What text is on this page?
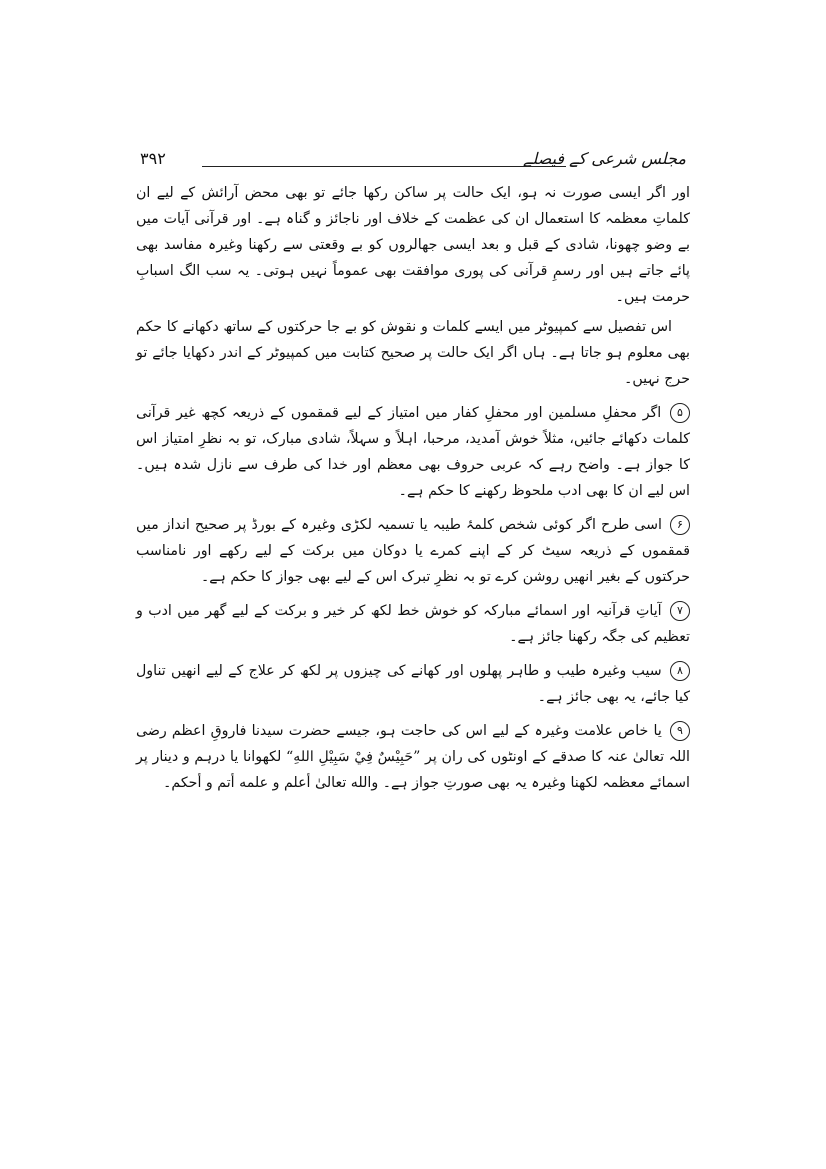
مجلس شرعی کے فیصلے
۳۹۲

اور اگر ایسی صورت نہ ہو، ایک حالت پر ساکن رکھا جائے تو بھی محض آرائش کے لیے ان کلماتِ معظمہ کا استعمال ان کی عظمت کے خلاف اور ناجائز و گناہ ہے۔ اور قرآنی آیات میں بے وضو چھونا، شادی کے قبل و بعد ایسی جھالروں کو بے وقعتی سے رکھنا وغیرہ مفاسد بھی پائے جاتے ہیں اور رسمِ قرآنی کی پوری موافقت بھی عموماً نہیں ہوتی۔ یہ سب الگ اسبابِ حرمت ہیں۔

اس تفصیل سے کمپیوٹر میں ایسے کلمات و نقوش کو بے جا حرکتوں کے ساتھ دکھانے کا حکم بھی معلوم ہو جاتا ہے۔ ہاں اگر ایک حالت پر صحیح کتابت میں کمپیوٹر کے اندر دکھایا جائے تو حرج نہیں۔

۵ اگر محفلِ مسلمین اور محفلِ کفار میں امتیاز کے لیے قمقموں کے ذریعہ کچھ غیر قرآنی کلمات دکھائے جائیں، مثلاً خوش آمدید، مرحبا، اہلاً و سہلاً، شادی مبارک، تو بہ نظرِ امتیاز اس کا جواز ہے۔ واضح رہے کہ عربی حروف بھی معظم اور خدا کی طرف سے نازل شدہ ہیں۔ اس لیے ان کا بھی ادب ملحوظ رکھنے کا حکم ہے۔

۶ اسی طرح اگر کوئی شخص کلمۂ طیبہ یا تسمیہ لکڑی وغیرہ کے بورڈ پر صحیح انداز میں قمقموں کے ذریعہ سیٹ کر کے اپنے کمرے یا دوکان میں برکت کے لیے رکھے اور نامناسب حرکتوں کے بغیر انھیں روشن کرے تو بہ نظرِ تبرک اس کے لیے بھی جواز کا حکم ہے۔

۷ آیاتِ قرآنیہ اور اسمائے مبارکہ کو خوش خط لکھ کر خیر و برکت کے لیے گھر میں ادب و تعظیم کی جگہ رکھنا جائز ہے۔

۸ سیب وغیرہ طیب و طاہر پھلوں اور کھانے کی چیزوں پر لکھ کر علاج کے لیے انھیں تناول کیا جائے، یہ بھی جائز ہے۔

۹ یا خاص علامت وغیرہ کے لیے اس کی حاجت ہو، جیسے حضرت سیدنا فاروقِ اعظم رضی اللہ تعالیٰ عنہ کا صدقے کے اونٹوں کی ران پر ”حَبِيْسٌ فِيْ سَبِيْلِ اللهِ“ لکھوانا یا درہم و دینار پر اسمائے معظمہ لکھنا وغیرہ یہ بھی صورتِ جواز ہے۔ والله تعالیٰ أعلم و علمه أتم و أحكم۔
